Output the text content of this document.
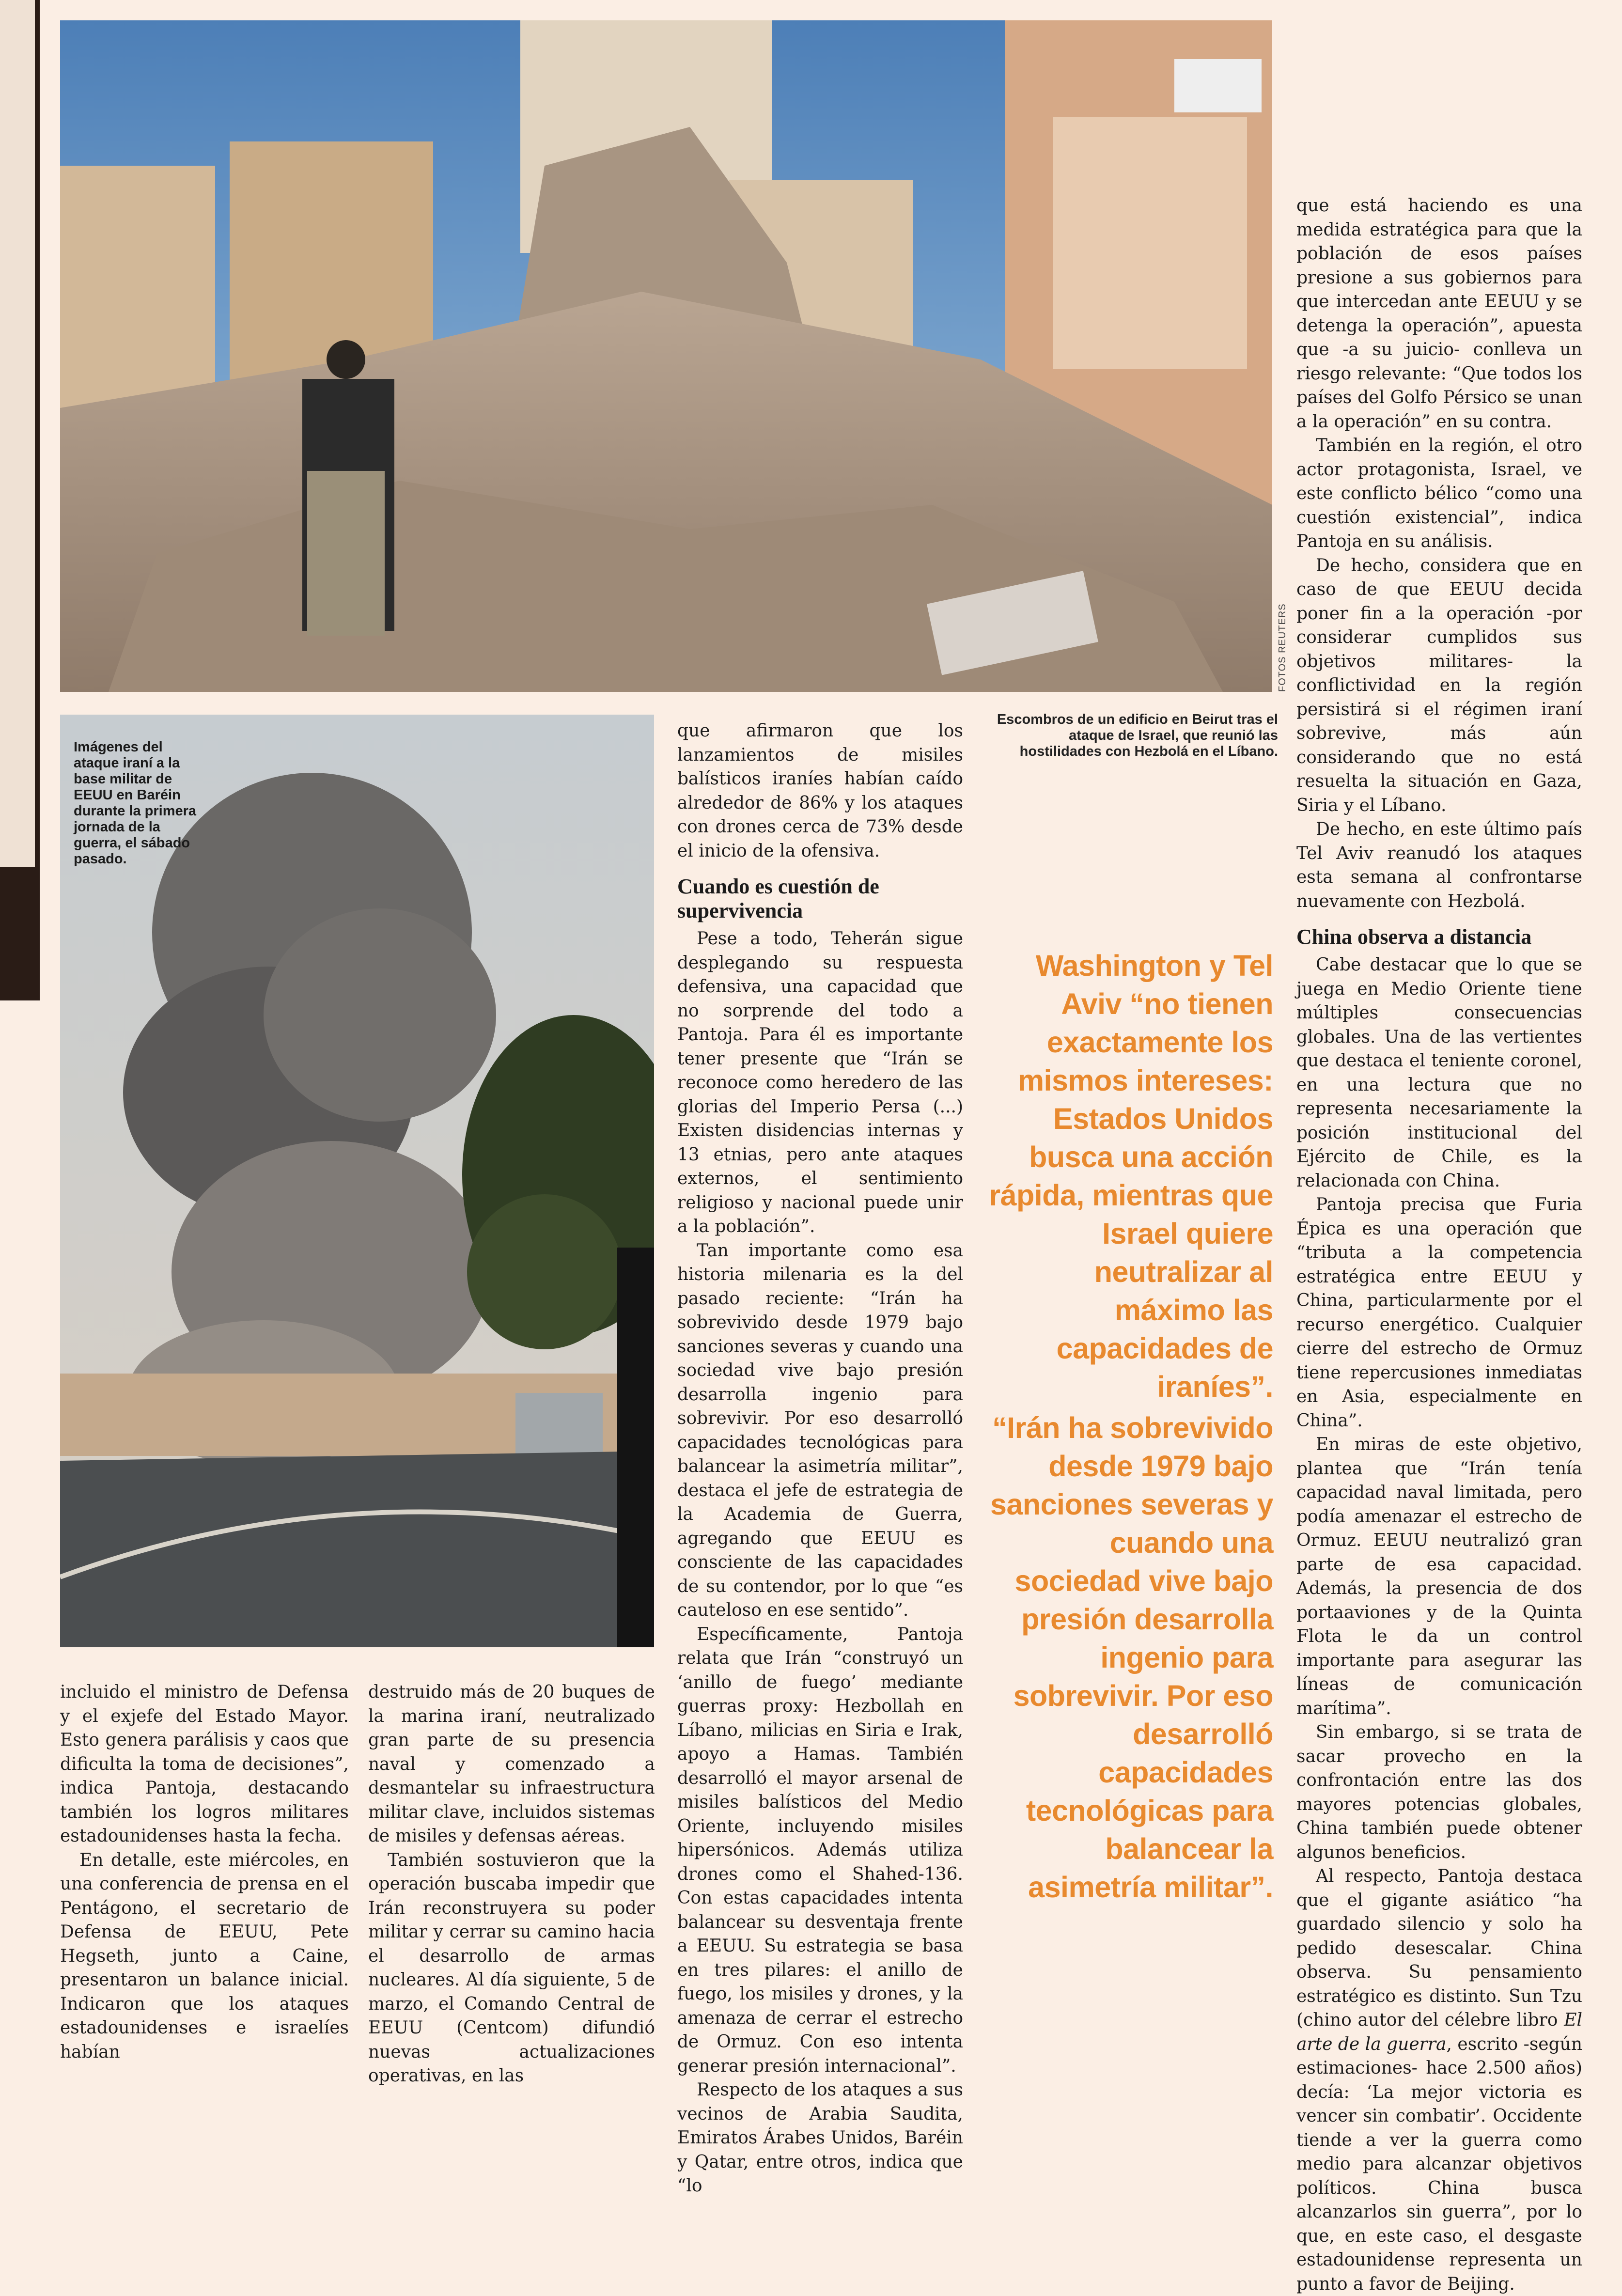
FOTOS REUTERS
Imágenes del ataque iraní a la base militar de EEUU en Baréin durante la primera jornada de la guerra, el sábado pasado.
Escombros de un edificio en Beirut tras el ataque de Israel, que reunió las hostilidades con Hezbolá en el Líbano.

incluido el ministro de Defensa y el exjefe del Estado Mayor. Esto genera parálisis y caos que dificulta la toma de decisiones”, indica Pantoja, destacando también los logros militares estadounidenses hasta la fecha.

En detalle, este miércoles, en una conferencia de prensa en el Pentágono, el secretario de Defensa de EEUU, Pete Hegseth, junto a Caine, presentaron un balance inicial. Indicaron que los ataques estadounidenses e israelíes habían

destruido más de 20 buques de la marina iraní, neutralizado gran parte de su presencia naval y comenzado a desmantelar su infraestructura militar clave, incluidos sistemas de misiles y defensas aéreas.

También sostuvieron que la operación buscaba impedir que Irán reconstruyera su poder militar y cerrar su camino hacia el desarrollo de armas nucleares. Al día siguiente, 5 de marzo, el Comando Central de EEUU (Centcom) difundió nuevas actualizaciones operativas, en las

que afirmaron que los lanzamientos de misiles balísticos iraníes habían caído alrededor de 86% y los ataques con drones cerca de 73% desde el inicio de la ofensiva.

Cuando es cuestión de supervivencia

Pese a todo, Teherán sigue desplegando su respuesta defensiva, una capacidad que no sorprende del todo a Pantoja. Para él es importante tener presente que “Irán se reconoce como heredero de las glorias del Imperio Persa (...) Existen disidencias internas y 13 etnias, pero ante ataques externos, el sentimiento religioso y nacional puede unir a la población”.

Tan importante como esa historia milenaria es la del pasado reciente: “Irán ha sobrevivido desde 1979 bajo sanciones severas y cuando una sociedad vive bajo presión desarrolla ingenio para sobrevivir. Por eso desarrolló capacidades tecnológicas para balancear la asimetría militar”, destaca el jefe de estrategia de la Academia de Guerra, agregando que EEUU es consciente de las capacidades de su contendor, por lo que “es cauteloso en ese sentido”.

Específicamente, Pantoja relata que Irán “construyó un ‘anillo de fuego’ mediante guerras proxy: Hezbollah en Líbano, milicias en Siria e Irak, apoyo a Hamas. También desarrolló el mayor arsenal de misiles balísticos del Medio Oriente, incluyendo misiles hipersónicos. Además utiliza drones como el Shahed-136. Con estas capacidades intenta balancear su desventaja frente a EEUU. Su estrategia se basa en tres pilares: el anillo de fuego, los misiles y drones, y la amenaza de cerrar el estrecho de Ormuz. Con eso intenta generar presión internacional”.

Respecto de los ataques a sus vecinos de Arabia Saudita, Emiratos Árabes Unidos, Baréin y Qatar, entre otros, indica que “lo

Washington y Tel Aviv “no tienen exactamente los mismos intereses: Estados Unidos busca una acción rápida, mientras que Israel quiere neutralizar al máximo las capacidades de iraníes”.
“Irán ha sobrevivido desde 1979 bajo sanciones severas y cuando una sociedad vive bajo presión desarrolla ingenio para sobrevivir. Por eso desarrolló capacidades tecnológicas para balancear la asimetría militar”.

que está haciendo es una medida estratégica para que la población de esos países presione a sus gobiernos para que intercedan ante EEUU y se detenga la operación”, apuesta que -a su juicio- conlleva un riesgo relevante: “Que todos los países del Golfo Pérsico se unan a la operación” en su contra.

También en la región, el otro actor protagonista, Israel, ve este conflicto bélico “como una cuestión existencial”, indica Pantoja en su análisis.

De hecho, considera que en caso de que EEUU decida poner fin a la operación -por considerar cumplidos sus objetivos militares- la conflictividad en la región persistirá si el régimen iraní sobrevive, más aún considerando que no está resuelta la situación en Gaza, Siria y el Líbano.

De hecho, en este último país Tel Aviv reanudó los ataques esta semana al confrontarse nuevamente con Hezbolá.

China observa a distancia

Cabe destacar que lo que se juega en Medio Oriente tiene múltiples consecuencias globales. Una de las vertientes que destaca el teniente coronel, en una lectura que no representa necesariamente la posición institucional del Ejército de Chile, es la relacionada con China.

Pantoja precisa que Furia Épica es una operación que “tributa a la competencia estratégica entre EEUU y China, particularmente por el recurso energético. Cualquier cierre del estrecho de Ormuz tiene repercusiones inmediatas en Asia, especialmente en China”.

En miras de este objetivo, plantea que “Irán tenía capacidad naval limitada, pero podía amenazar el estrecho de Ormuz. EEUU neutralizó gran parte de esa capacidad. Además, la presencia de dos portaaviones y de la Quinta Flota le da un control importante para asegurar las líneas de comunicación marítima”.

Sin embargo, si se trata de sacar provecho en la confrontación entre las dos mayores potencias globales, China también puede obtener algunos beneficios.

Al respecto, Pantoja destaca que el gigante asiático “ha guardado silencio y solo ha pedido desescalar. China observa. Su pensamiento estratégico es distinto. Sun Tzu (chino autor del célebre libro El arte de la guerra, escrito -según estimaciones- hace 2.500 años) decía: ‘La mejor victoria es vencer sin combatir’. Occidente tiende a ver la guerra como medio para alcanzar objetivos políticos. China busca alcanzarlos sin guerra”, por lo que, en este caso, el desgaste estadounidense representa un punto a favor de Beijing.
